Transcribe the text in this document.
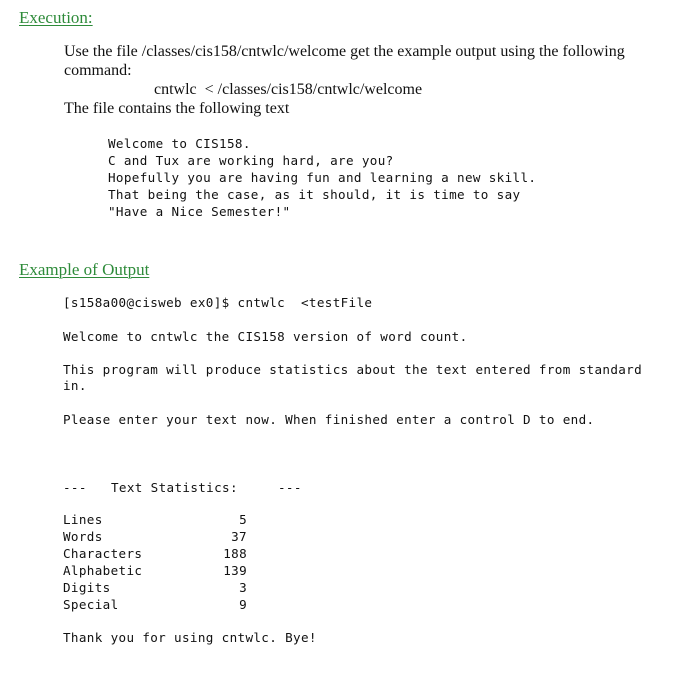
Execution:
Use the file /classes/cis158/cntwlc/welcome get the example output using the following
command:
cntwlc  < /classes/cis158/cntwlc/welcome
The file contains the following text
Welcome to CIS158.
C and Tux are working hard, are you?
Hopefully you are having fun and learning a new skill.
That being the case, as it should, it is time to say
"Have a Nice Semester!"
Example of Output
[s158a00@cisweb ex0]$ cntwlc  <testFile
Welcome to cntwlc the CIS158 version of word count.
This program will produce statistics about the text entered from standard
in.
Please enter your text now. When finished enter a control D to end.
--- Text Statistics:	---
Lines	5
Words	37
Characters	188
Alphabetic	139
Digits	3
Special	9
Thank you for using cntwlc. Bye!
